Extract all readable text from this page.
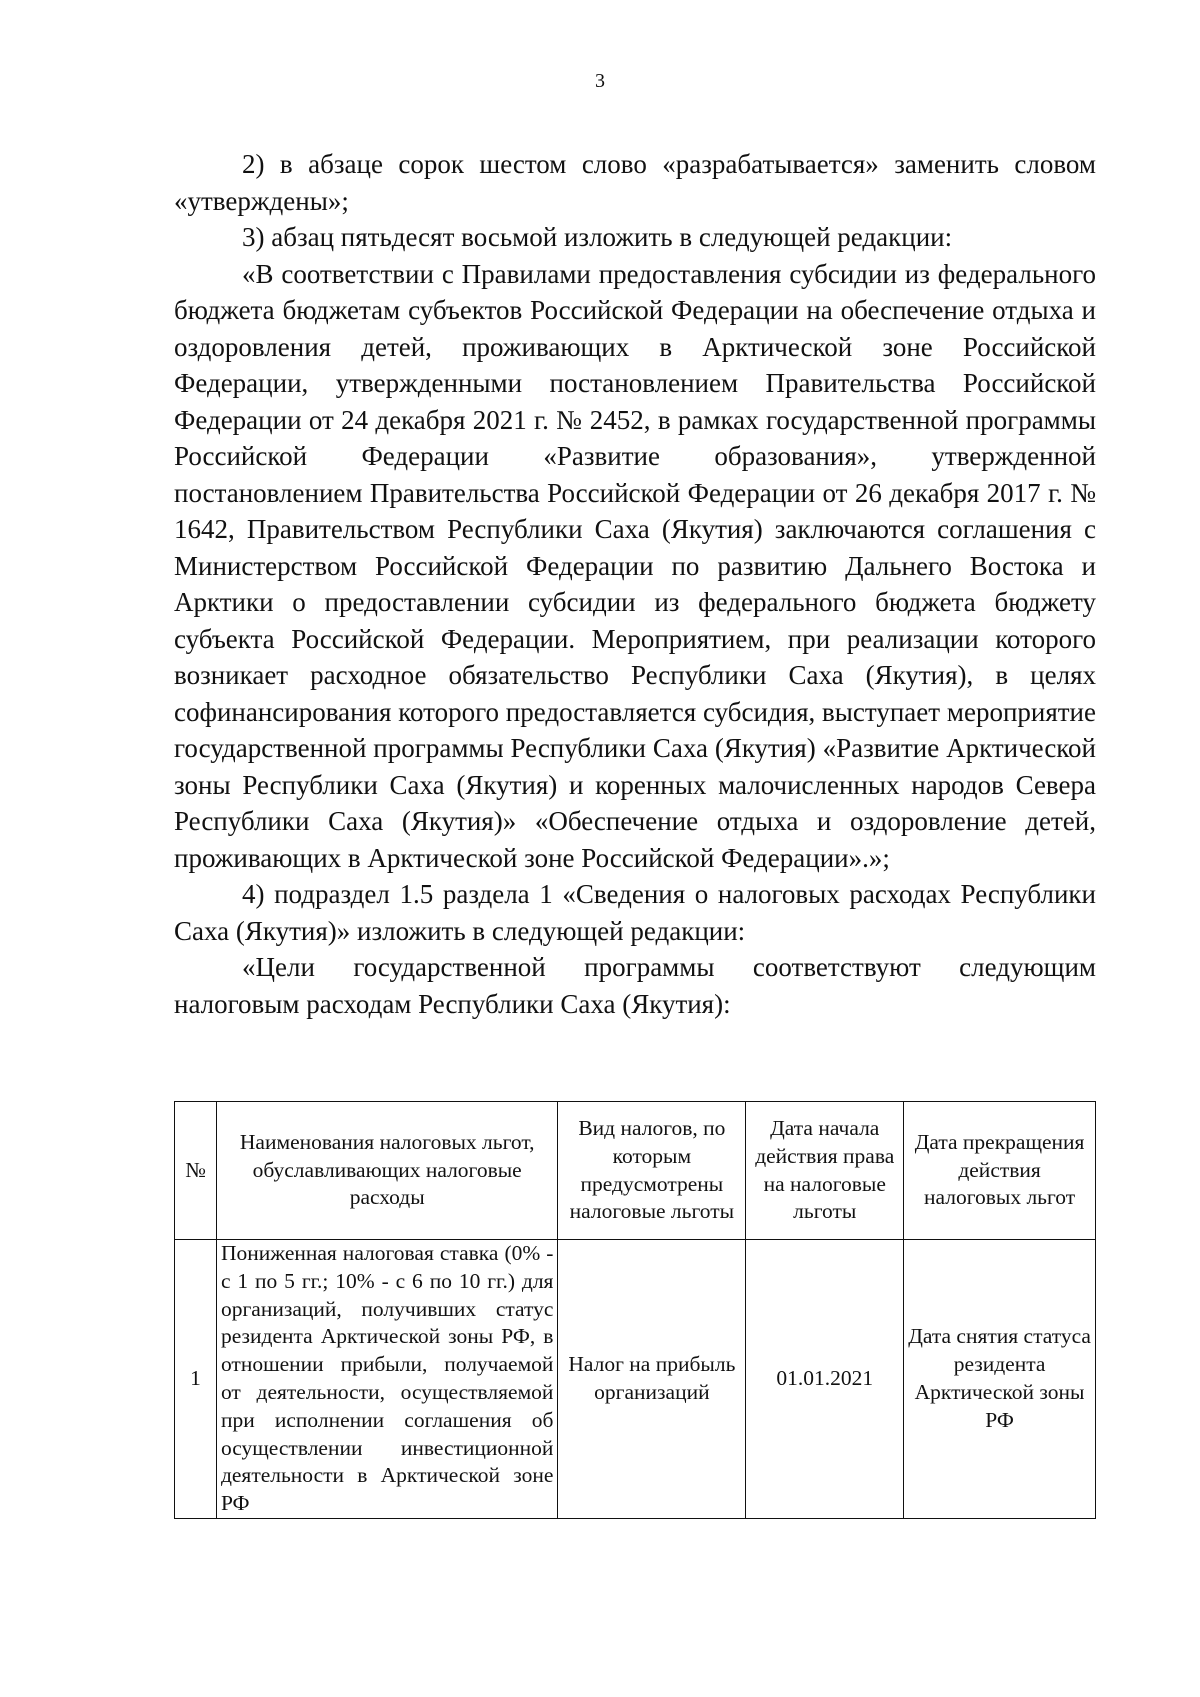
3

2) в абзаце сорок шестом слово «разрабатывается» заменить словом «утверждены»;

3) абзац пятьдесят восьмой изложить в следующей редакции:

«В соответствии с Правилами предоставления субсидии из федерального бюджета бюджетам субъектов Российской Федерации на обеспечение отдыха и оздоровления детей, проживающих в Арктической зоне Российской Федерации, утвержденными постановлением Правительства Российской Федерации от 24 декабря 2021 г. № 2452, в рамках государственной программы Российской Федерации «Развитие образования», утвержденной постановлением Правительства Российской Федерации от 26 декабря 2017 г. № 1642, Правительством Республики Саха (Якутия) заключаются соглашения с Министерством Российской Федерации по развитию Дальнего Востока и Арктики о предоставлении субсидии из федерального бюджета бюджету субъекта Российской Федерации. Мероприятием, при реализации которого возникает расходное обязательство Республики Саха (Якутия), в целях софинансирования которого предоставляется субсидия, выступает мероприятие государственной программы Республики Саха (Якутия) «Развитие Арктической зоны Республики Саха (Якутия) и коренных малочисленных народов Севера Республики Саха (Якутия)» «Обеспечение отдыха и оздоровление детей, проживающих в Арктической зоне Российской Федерации».»;

4) подраздел 1.5 раздела 1 «Сведения о налоговых расходах Республики Саха (Якутия)» изложить в следующей редакции:

«Цели государственной программы соответствуют следующим налоговым расходам Республики Саха (Якутия):

№	Наименования налоговых льгот, обуславливающих налоговые расходы	Вид налогов, по которым предусмотрены налоговые льготы	Дата начала действия права на налоговые льготы	Дата прекращения действия налоговых льгот
1	Пониженная налоговая ставка (0% - с 1 по 5 гг.; 10% - с 6 по 10 гг.) для организаций, получивших статус резидента Арктической зоны РФ, в отношении прибыли, получаемой от деятельности, осуществляемой при исполнении соглашения об осуществлении инвестиционной деятельности в Арктической зоне РФ	Налог на прибыль организаций	01.01.2021	Дата снятия статуса резидента Арктической зоны РФ
